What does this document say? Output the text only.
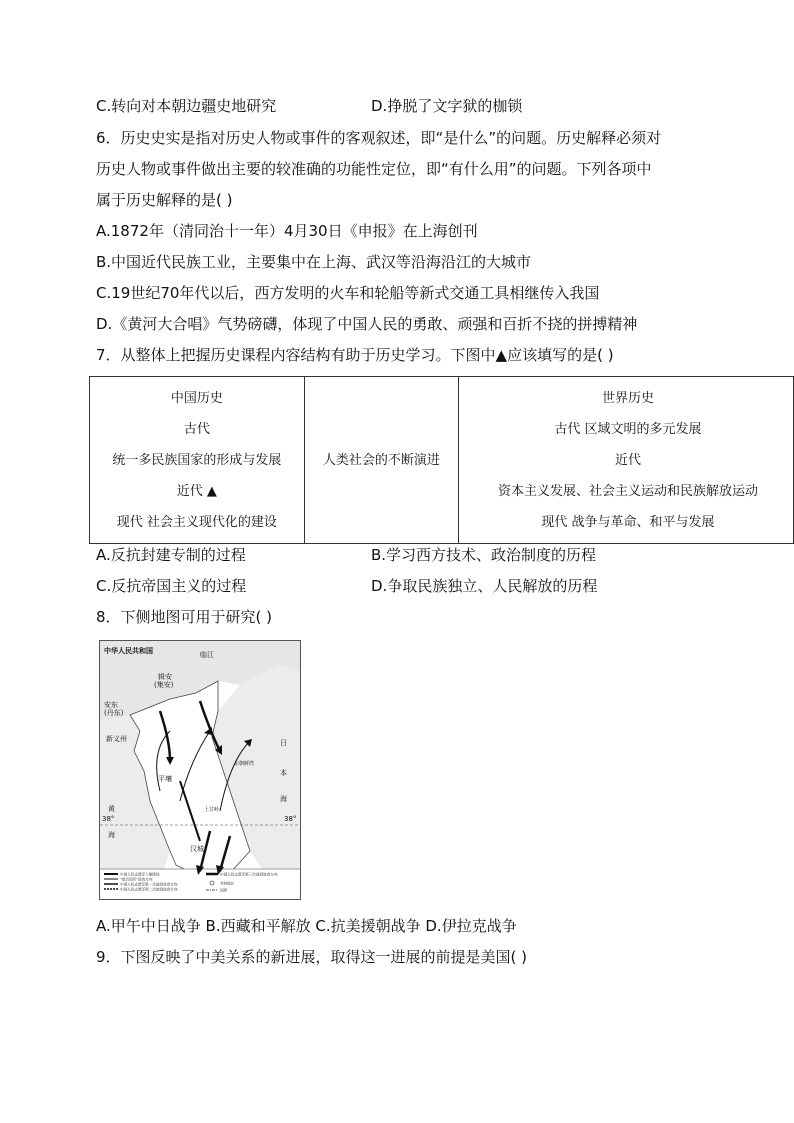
C.转向对本朝边疆史地研究	D.挣脱了文字狱的枷锁
6．历史史实是指对历史人物或事件的客观叙述，即“是什么”的问题。历史解释必须对
历史人物或事件做出主要的较准确的功能性定位，即“有什么用”的问题。下列各项中
属于历史解释的是( )
A.1872年（清同治十一年）4月30日《申报》在上海创刊
B.中国近代民族工业，主要集中在上海、武汉等沿海沿江的大城市
C.19世纪70年代以后，西方发明的火车和轮船等新式交通工具相继传入我国
D.《黄河大合唱》气势磅礴，体现了中国人民的勇敢、顽强和百折不挠的拼搏精神
7．从整体上把握历史课程内容结构有助于历史学习。下图中▲应该填写的是( )
中国历史
古代
统一多民族国家的形成与发展
近代 ▲
现代 社会主义现代化的建设

人类社会的不断演进

世界历史
古代 区域文明的多元发展
近代
资本主义发展、社会主义运动和民族解放运动
现代 战争与革命、和平与发展
A.反抗封建专制的过程	B.学习西方技术、政治制度的历程
C.反抗帝国主义的过程	D.争取民族独立、人民解放的历程
8．下侧地图可用于研究( )
中华人民共和国	临江
辑安
(集安)
安东
(丹东)
新义州	日
本
东朝鲜湾
平壤
上甘岭
汉城
38°	38°
黄
海
海
中国人民志愿军入朝路线
“联合国军”进攻方向
中国人民志愿军第一次战役进攻方向
中国人民志愿军第二次战役进攻方向
中国人民志愿军第三次战役进攻方向
对峙地区
国界
A.甲午中日战争 B.西藏和平解放 C.抗美援朝战争 D.伊拉克战争
9．下图反映了中美关系的新进展，取得这一进展的前提是美国( )
